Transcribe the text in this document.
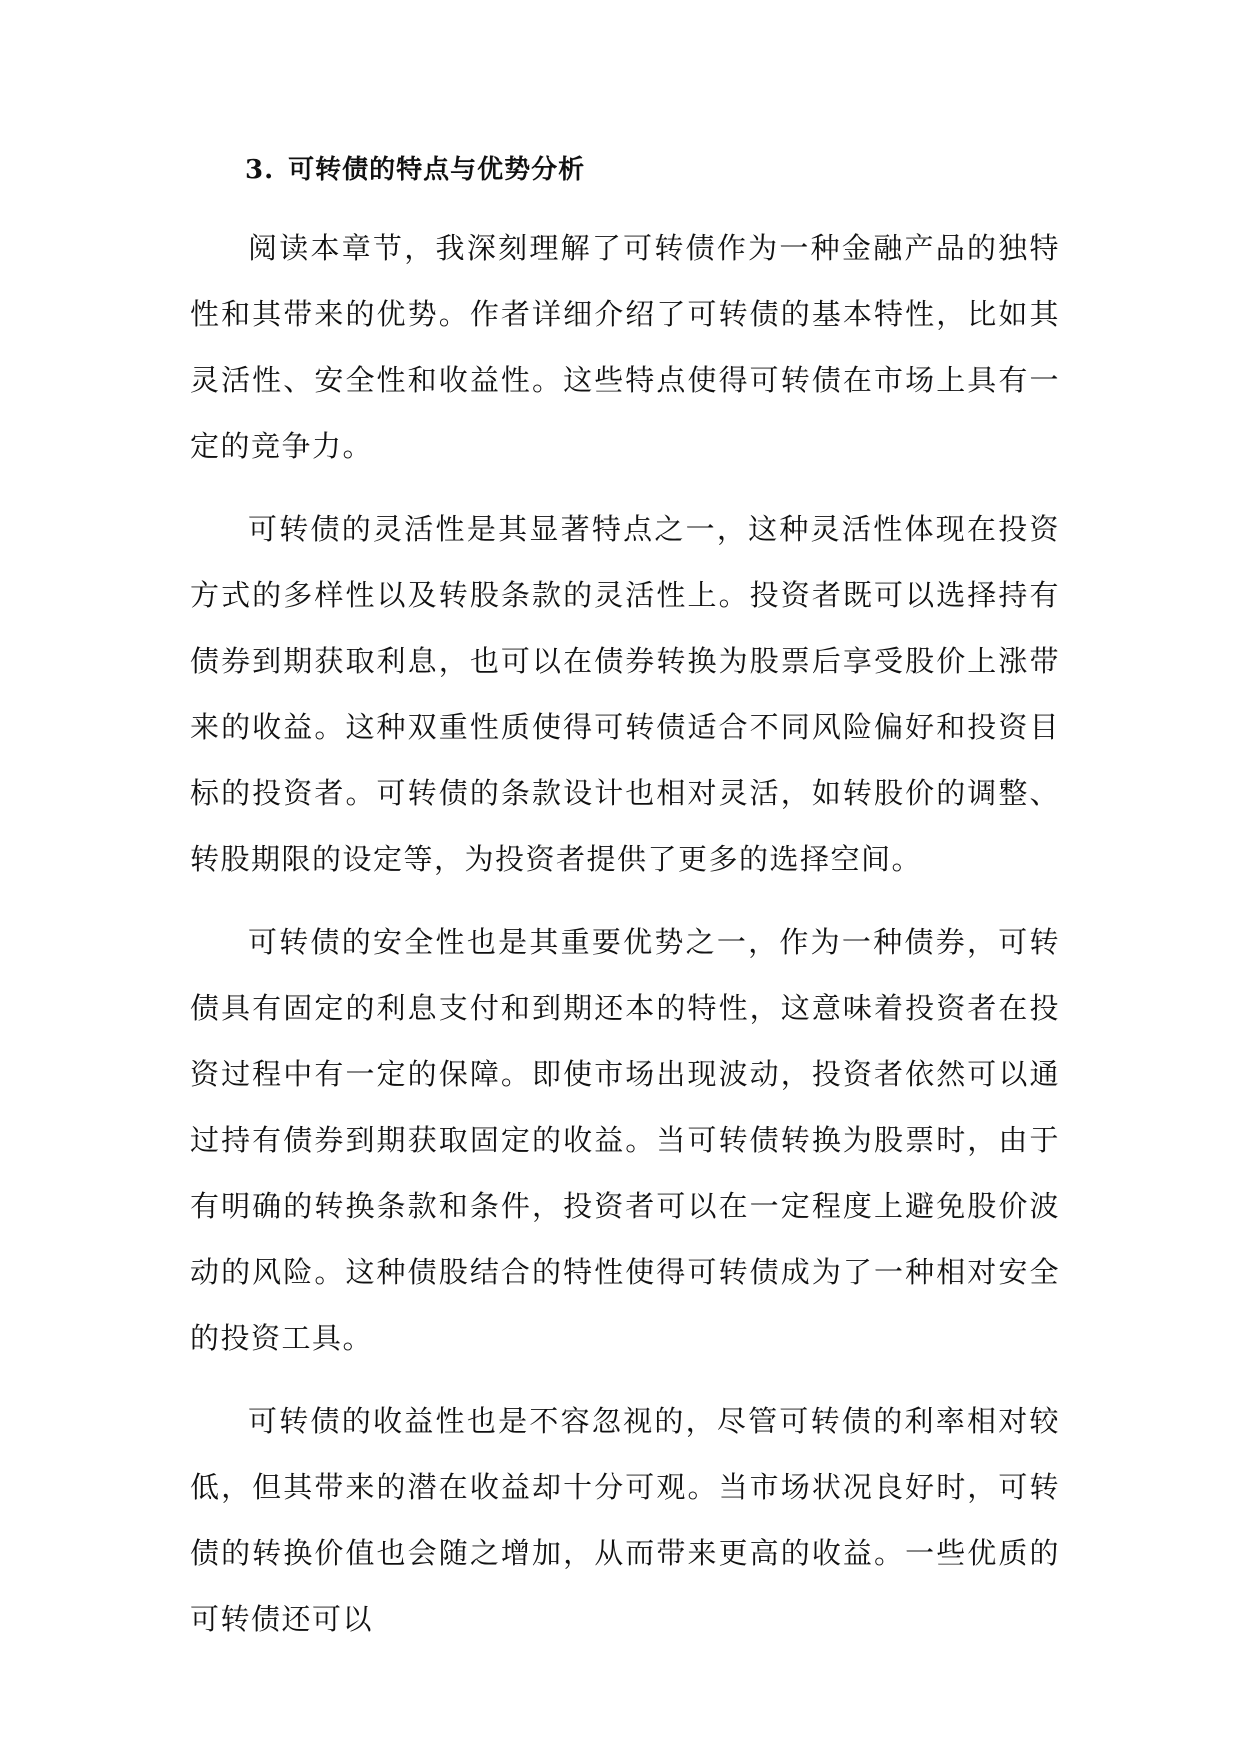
3. 可转债的特点与优势分析

阅读本章节，我深刻理解了可转债作为一种金融产品的独特性和其带来的优势。作者详细介绍了可转债的基本特性，比如其灵活性、安全性和收益性。这些特点使得可转债在市场上具有一定的竞争力。

可转债的灵活性是其显著特点之一，这种灵活性体现在投资方式的多样性以及转股条款的灵活性上。投资者既可以选择持有债券到期获取利息，也可以在债券转换为股票后享受股价上涨带来的收益。这种双重性质使得可转债适合不同风险偏好和投资目标的投资者。可转债的条款设计也相对灵活，如转股价的调整、转股期限的设定等，为投资者提供了更多的选择空间。

可转债的安全性也是其重要优势之一，作为一种债券，可转债具有固定的利息支付和到期还本的特性，这意味着投资者在投资过程中有一定的保障。即使市场出现波动，投资者依然可以通过持有债券到期获取固定的收益。当可转债转换为股票时，由于有明确的转换条款和条件，投资者可以在一定程度上避免股价波动的风险。这种债股结合的特性使得可转债成为了一种相对安全的投资工具。

可转债的收益性也是不容忽视的，尽管可转债的利率相对较低，但其带来的潜在收益却十分可观。当市场状况良好时，可转债的转换价值也会随之增加，从而带来更高的收益。一些优质的可转债还可以
